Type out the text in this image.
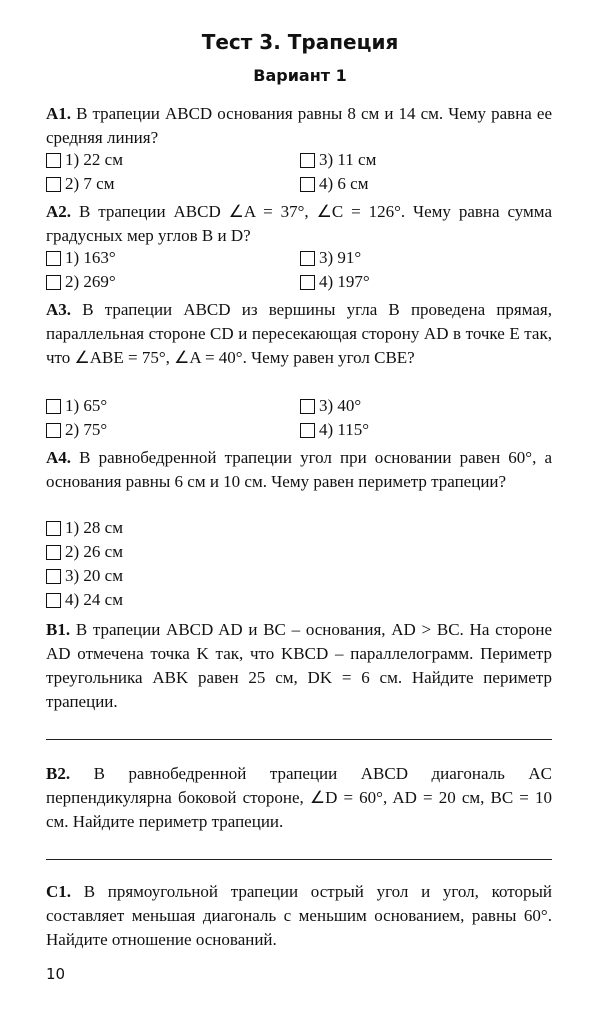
Тест 3. Трапеция
Вариант 1
А1. В трапеции ABCD основания равны 8 см и 14 см. Чему равна ее средняя линия?
1) 22 см	3) 11 см
2) 7 см	4) 6 см
А2. В трапеции ABCD ∠A = 37°, ∠C = 126°. Чему равна сумма градусных мер углов B и D?
1) 163°	3) 91°
2) 269°	4) 197°
А3. В трапеции ABCD из вершины угла B проведена прямая, параллельная стороне CD и пересекающая сторону AD в точке E так, что ∠ABE = 75°, ∠A = 40°. Чему равен угол CBE?
1) 65°	3) 40°
2) 75°	4) 115°
А4. В равнобедренной трапеции угол при основании равен 60°, а основания равны 6 см и 10 см. Чему равен периметр трапеции?
1) 28 см
2) 26 см
3) 20 см
4) 24 см
В1. В трапеции ABCD AD и BC – основания, AD > BC. На стороне AD отмечена точка K так, что KBCD – параллелограмм. Периметр треугольника ABK равен 25 см, DK = 6 см. Найдите периметр трапеции.
В2. В равнобедренной трапеции ABCD диагональ AC перпендикулярна боковой стороне, ∠D = 60°, AD = 20 см, BC = 10 см. Найдите периметр трапеции.
С1. В прямоугольной трапеции острый угол и угол, который составляет меньшая диагональ с меньшим основанием, равны 60°. Найдите отношение оснований.
10
